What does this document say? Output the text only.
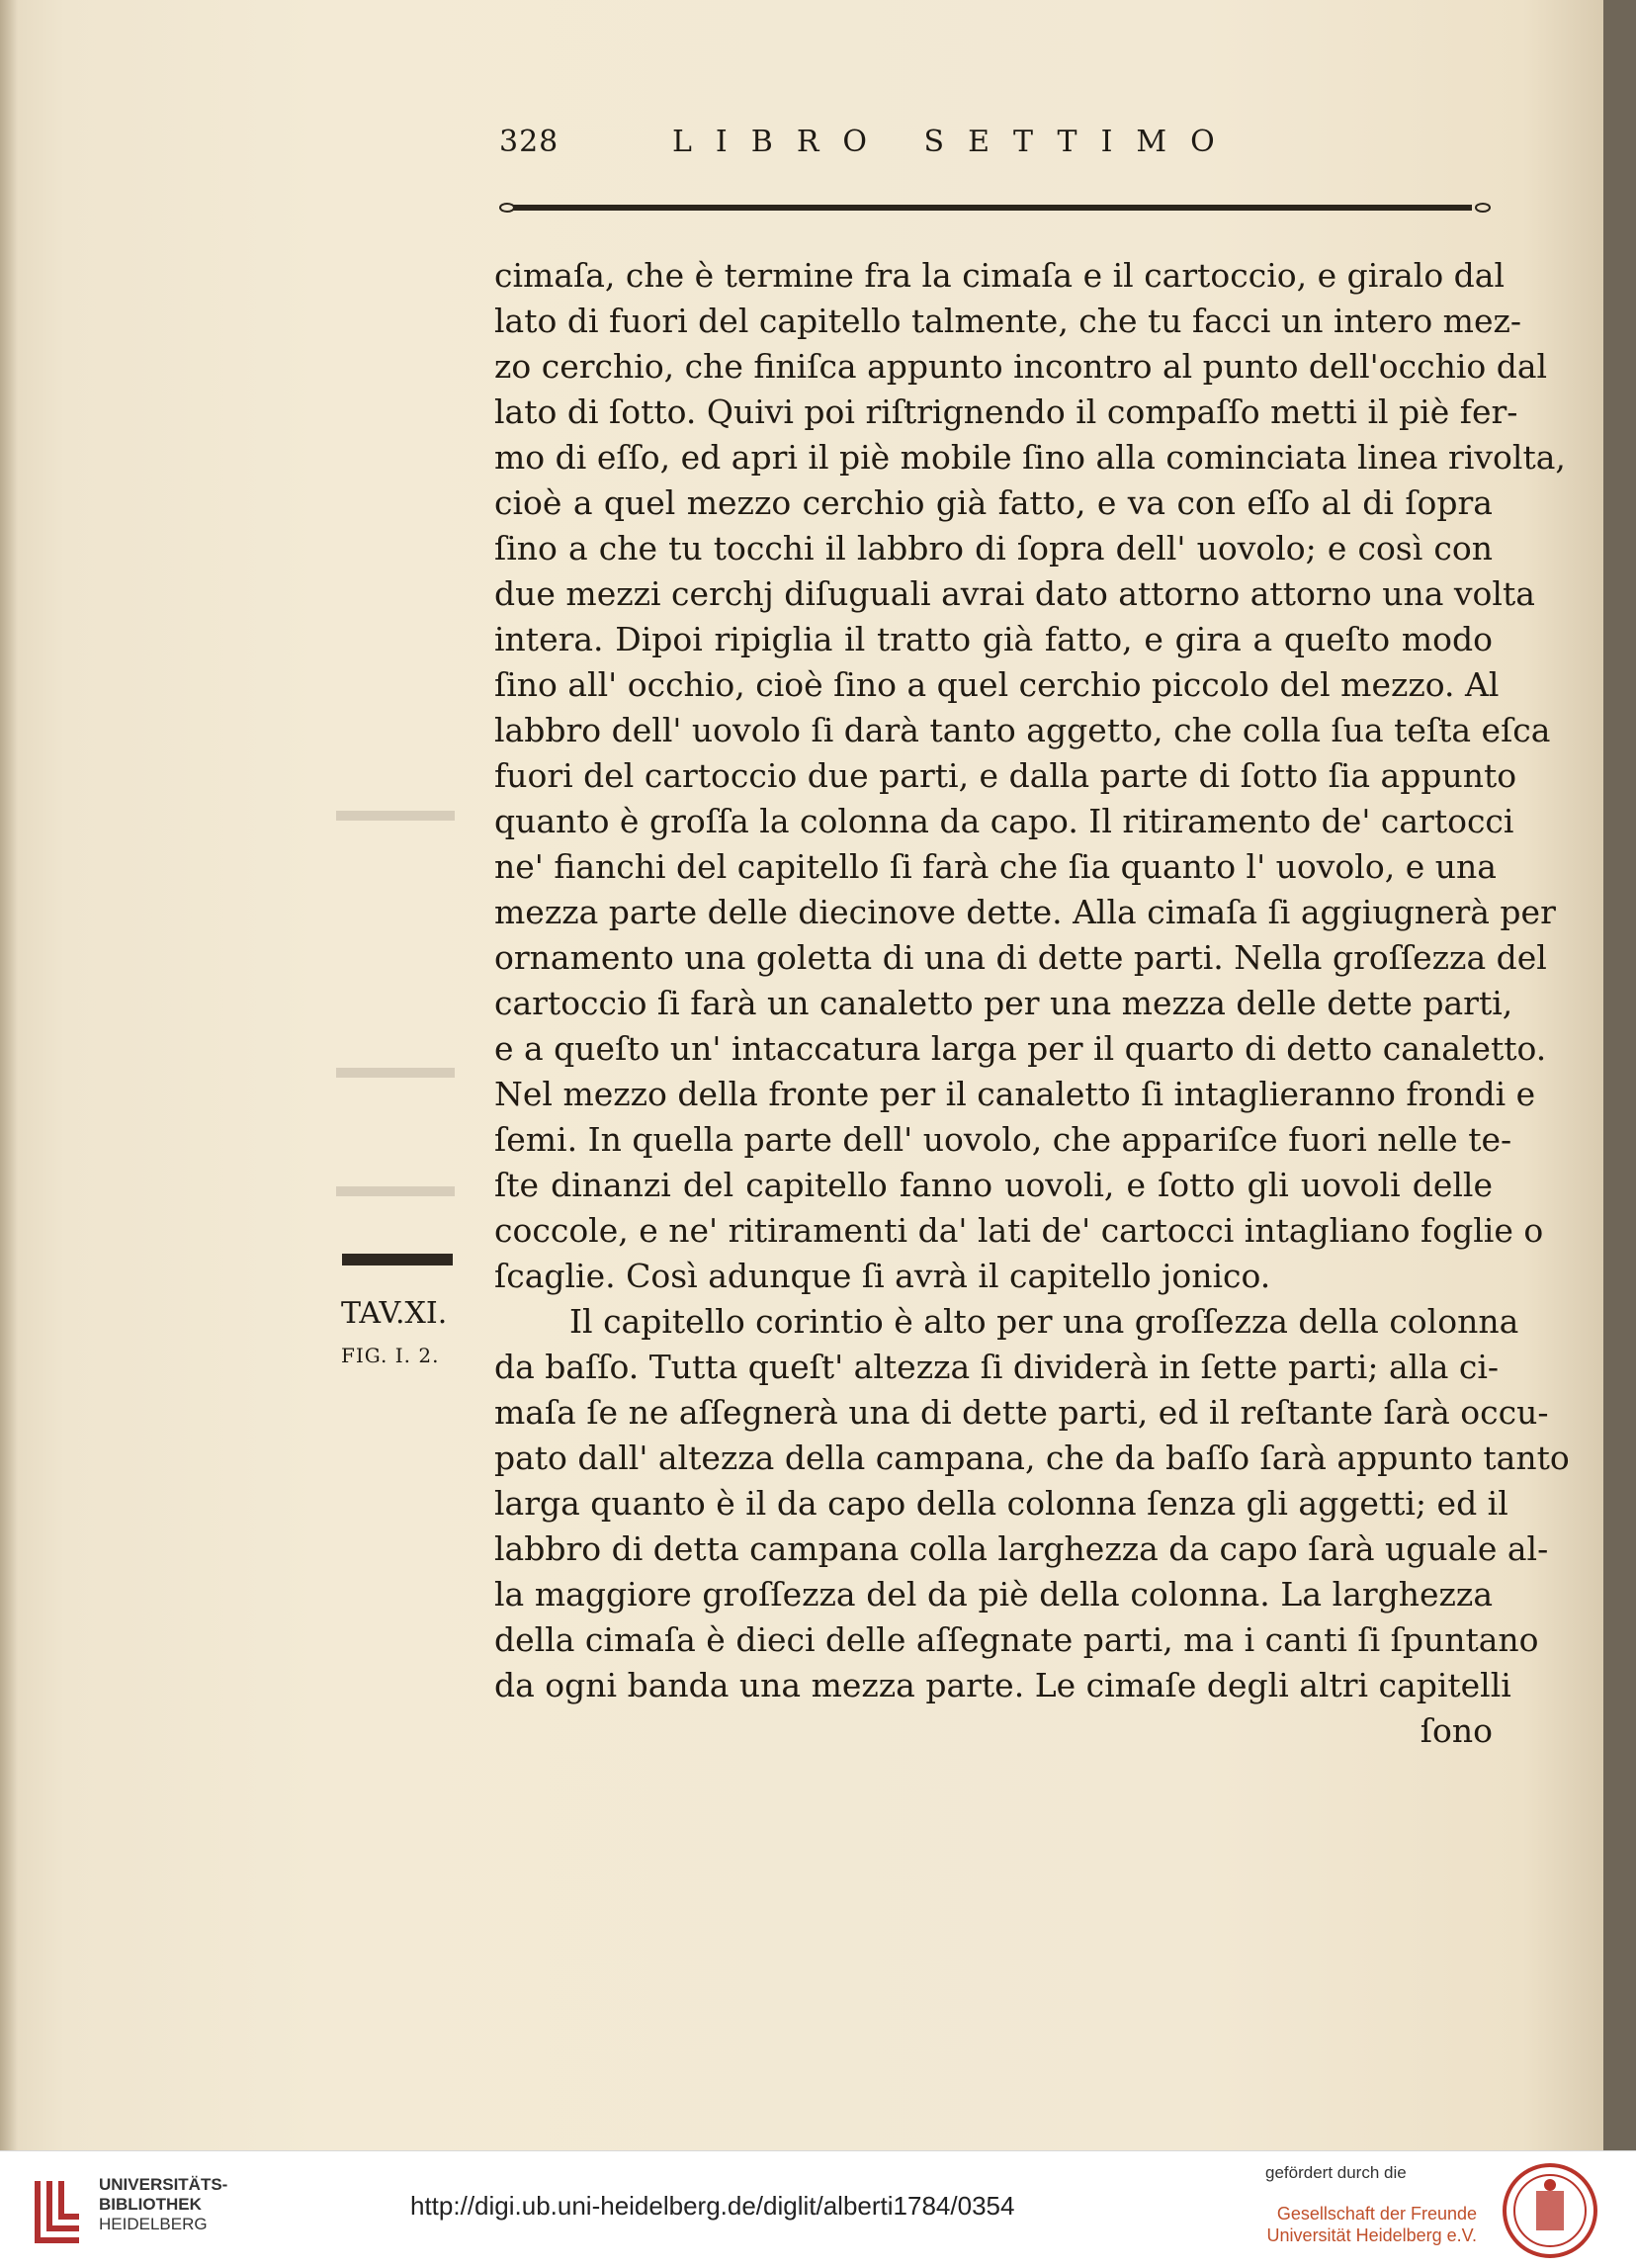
328	LIBRO SETTIMO
TAV.XI.
FIG. I. 2.
cimaſa, che è termine fra la cimaſa e il cartoccio, e giralo dal
lato di fuori del capitello talmente, che tu facci un intero mez-
zo cerchio, che finiſca appunto incontro al punto dell'occhio dal
lato di ſotto. Quivi poi riſtrignendo il compaſſo metti il piè fer-
mo di eſſo, ed apri il piè mobile ſino alla cominciata linea rivolta,
cioè a quel mezzo cerchio già fatto, e va con eſſo al di ſopra
ſino a che tu tocchi il labbro di ſopra dell' uovolo; e così con
due mezzi cerchj diſuguali avrai dato attorno attorno una volta
intera. Dipoi ripiglia il tratto già fatto, e gira a queſto modo
ſino all' occhio, cioè ſino a quel cerchio piccolo del mezzo. Al
labbro dell' uovolo ſi darà tanto aggetto, che colla ſua teſta eſca
fuori del cartoccio due parti, e dalla parte di ſotto ſia appunto
quanto è groſſa la colonna da capo. Il ritiramento de' cartocci
ne' fianchi del capitello ſi farà che ſia quanto l' uovolo, e una
mezza parte delle diecinove dette. Alla cimaſa ſi aggiugnerà per
ornamento una goletta di una di dette parti. Nella groſſezza del
cartoccio ſi farà un canaletto per una mezza delle dette parti,
e a queſto un' intaccatura larga per il quarto di detto canaletto.
Nel mezzo della fronte per il canaletto ſi intaglieranno frondi e
ſemi. In quella parte dell' uovolo, che appariſce fuori nelle te-
ſte dinanzi del capitello fanno uovoli, e ſotto gli uovoli delle
coccole, e ne' ritiramenti da' lati de' cartocci intagliano foglie o
ſcaglie. Così adunque ſi avrà il capitello jonico.
Il capitello corintio è alto per una groſſezza della colonna
da baſſo. Tutta queſt' altezza ſi dividerà in ſette parti; alla ci-
maſa ſe ne aſſegnerà una di dette parti, ed il reſtante ſarà occu-
pato dall' altezza della campana, che da baſſo ſarà appunto tanto
larga quanto è il da capo della colonna ſenza gli aggetti; ed il
labbro di detta campana colla larghezza da capo ſarà uguale al-
la maggiore groſſezza del da piè della colonna. La larghezza
della cimaſa è dieci delle aſſegnate parti, ma i canti ſi ſpuntano
da ogni banda una mezza parte. Le cimaſe degli altri capitelli
ſono
UNIVERSITÄTS-
BIBLIOTHEK
HEIDELBERG
http://digi.ub.uni-heidelberg.de/diglit/alberti1784/0354
gefördert durch die
Gesellschaft der Freunde
Universität Heidelberg e.V.
